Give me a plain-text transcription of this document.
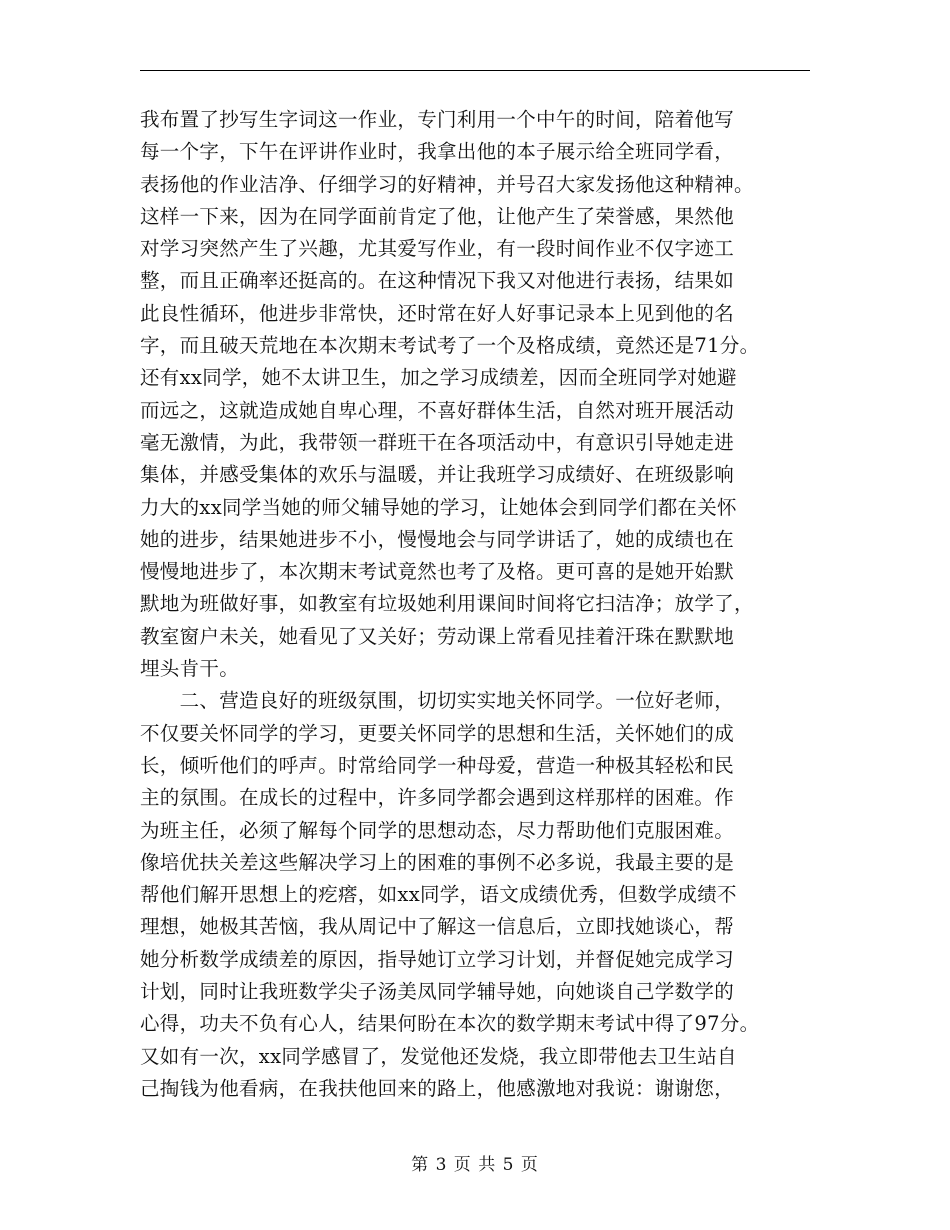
我布置了抄写生字词这一作业，专门利用一个中午的时间，陪着他写
每一个字，下午在评讲作业时，我拿出他的本子展示给全班同学看，
表扬他的作业洁净、仔细学习的好精神，并号召大家发扬他这种精神。
这样一下来，因为在同学面前肯定了他，让他产生了荣誉感，果然他
对学习突然产生了兴趣，尤其爱写作业，有一段时间作业不仅字迹工
整，而且正确率还挺高的。在这种情况下我又对他进行表扬，结果如
此良性循环，他进步非常快，还时常在好人好事记录本上见到他的名
字，而且破天荒地在本次期末考试考了一个及格成绩，竟然还是71分。
还有xx同学，她不太讲卫生，加之学习成绩差，因而全班同学对她避
而远之，这就造成她自卑心理，不喜好群体生活，自然对班开展活动
毫无激情，为此，我带领一群班干在各项活动中，有意识引导她走进
集体，并感受集体的欢乐与温暖，并让我班学习成绩好、在班级影响
力大的xx同学当她的师父辅导她的学习，让她体会到同学们都在关怀
她的进步，结果她进步不小，慢慢地会与同学讲话了，她的成绩也在
慢慢地进步了，本次期末考试竟然也考了及格。更可喜的是她开始默
默地为班做好事，如教室有垃圾她利用课间时间将它扫洁净；放学了，
教室窗户未关，她看见了又关好；劳动课上常看见挂着汗珠在默默地
埋头肯干。
　　二、营造良好的班级氛围，切切实实地关怀同学。一位好老师，
不仅要关怀同学的学习，更要关怀同学的思想和生活，关怀她们的成
长，倾听他们的呼声。时常给同学一种母爱，营造一种极其轻松和民
主的氛围。在成长的过程中，许多同学都会遇到这样那样的困难。作
为班主任，必须了解每个同学的思想动态，尽力帮助他们克服困难。
像培优扶关差这些解决学习上的困难的事例不必多说，我最主要的是
帮他们解开思想上的疙瘩，如xx同学，语文成绩优秀，但数学成绩不
理想，她极其苦恼，我从周记中了解这一信息后，立即找她谈心，帮
她分析数学成绩差的原因，指导她订立学习计划，并督促她完成学习
计划，同时让我班数学尖子汤美凤同学辅导她，向她谈自己学数学的
心得，功夫不负有心人，结果何盼在本次的数学期末考试中得了97分。
又如有一次，xx同学感冒了，发觉他还发烧，我立即带他去卫生站自
己掏钱为他看病，在我扶他回来的路上，他感激地对我说：谢谢您，
第 3 页 共 5 页
